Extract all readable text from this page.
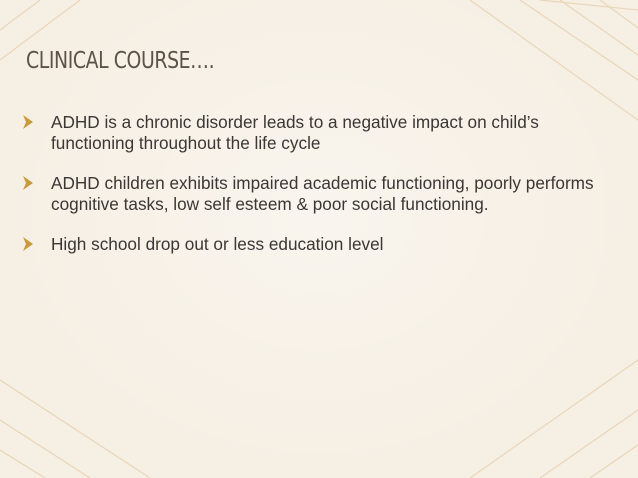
CLINICAL COURSE….
ADHD is a chronic disorder leads to a negative impact on child’s functioning throughout the life cycle
ADHD children exhibits impaired academic functioning, poorly performs cognitive tasks, low self esteem & poor social functioning.
High school drop out or less education level
